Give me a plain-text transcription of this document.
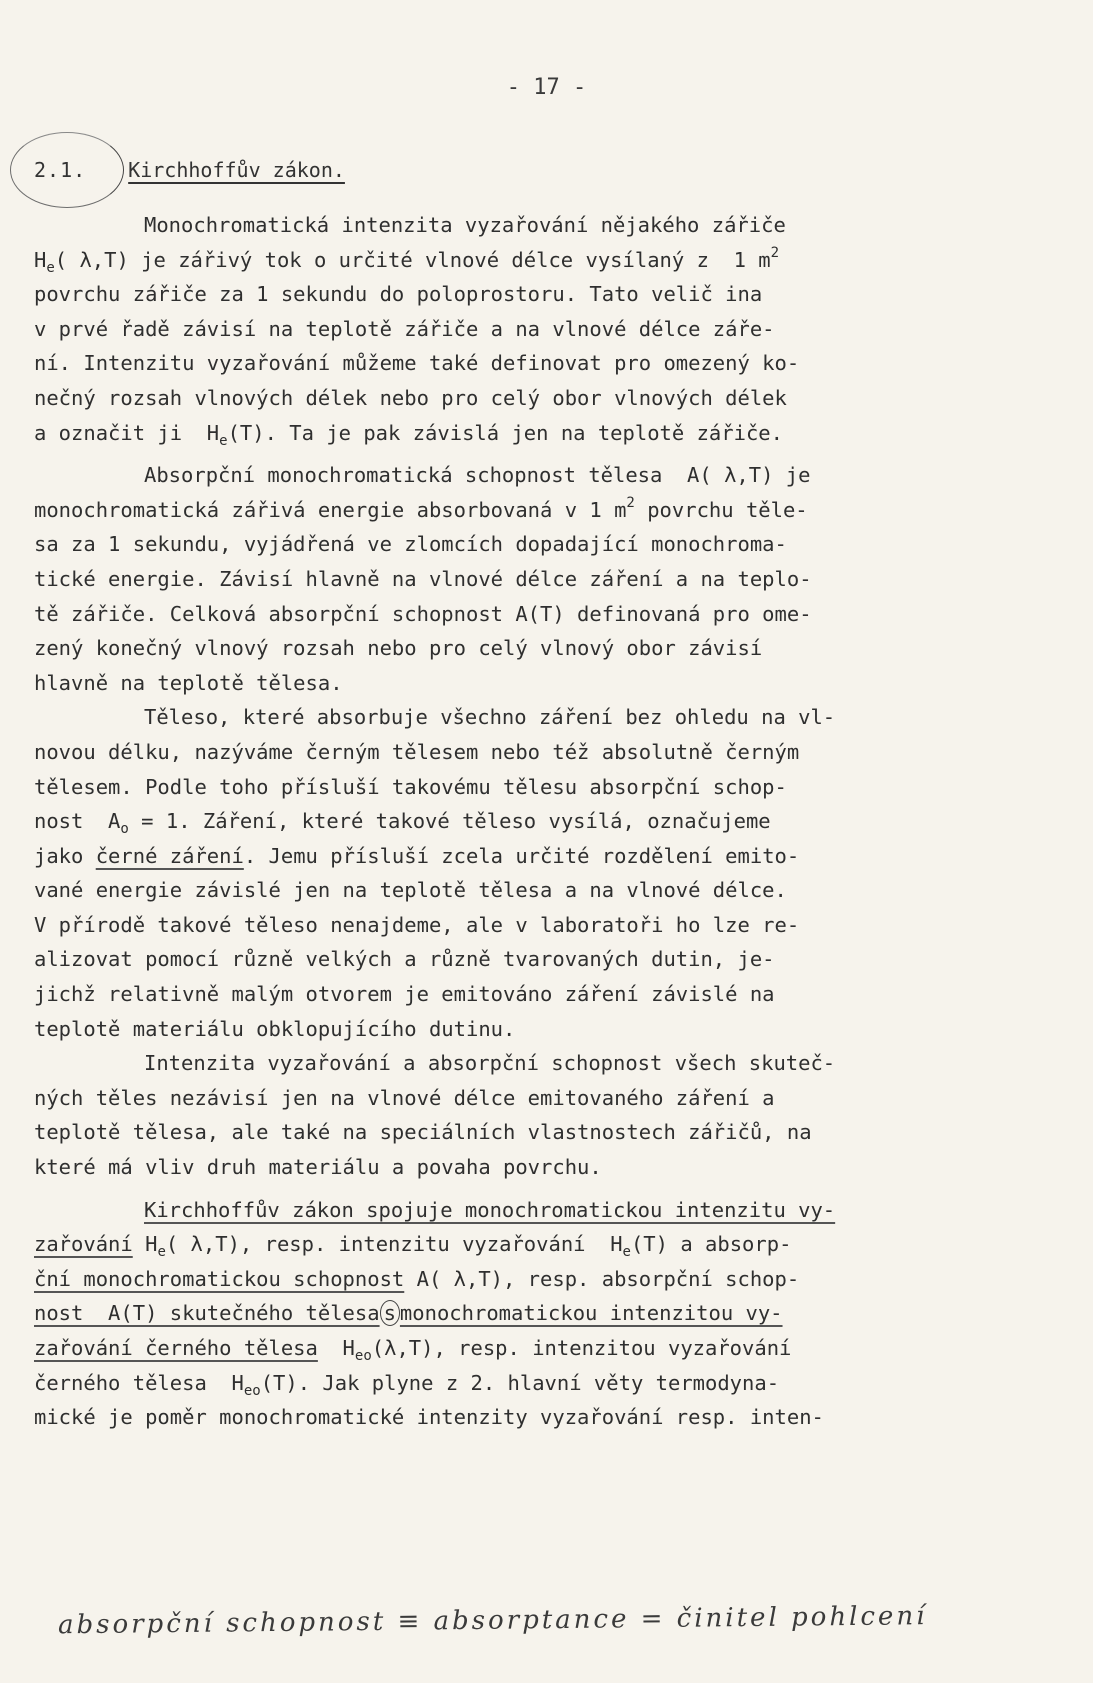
- 17 -
2.1. Kirchhoffův zákon.
Monochromatická intenzita vyzařování nějakého zářiče
$H_e$( λ,T) je zářivý tok o určité vlnové délce vysílaný z  1 $m^2$
povrchu zářiče za 1 sekundu do poloprostoru. Tato velič ina
v prvé řadě závisí na teplotě zářiče a na vlnové délce záře-
ní. Intenzitu vyzařování můžeme také definovat pro omezený ko-
nečný rozsah vlnových délek nebo pro celý obor vlnových délek
a označit ji  $H_e(T)$. Ta je pak závislá jen na teplotě zářiče.
Absorpční monochromatická schopnost tělesa  A( λ,T) je
monochromatická zářivá energie absorbovaná v 1 $m^2$ povrchu těle-
sa za 1 sekundu, vyjádřená ve zlomcích dopadající monochroma-
tické energie. Závisí hlavně na vlnové délce záření a na teplo-
tě zářiče. Celková absorpční schopnost A(T) definovaná pro ome-
zený konečný vlnový rozsah nebo pro celý vlnový obor závisí
hlavně na teplotě tělesa.
Těleso, které absorbuje všechno záření bez ohledu na vl-
novou délku, nazýváme černým tělesem nebo též absolutně černým
tělesem. Podle toho přísluší takovému tělesu absorpční schop-
nost  $A_o = 1$. Záření, které takové těleso vysílá, označujeme
jako černé záření. Jemu přísluší zcela určité rozdělení emito-
vané energie závislé jen na teplotě tělesa a na vlnové délce.
V přírodě takové těleso nenajdeme, ale v laboratoři ho lze re-
alizovat pomocí různě velkých a různě tvarovaných dutin, je-
jichž relativně malým otvorem je emitováno záření závislé na
teplotě materiálu obklopujícího dutinu.
Intenzita vyzařování a absorpční schopnost všech skuteč-
ných těles nezávisí jen na vlnové délce emitovaného záření a
teplotě tělesa, ale také na speciálních vlastnostech zářičů, na
které má vliv druh materiálu a povaha povrchu.
Kirchhoffův zákon spojuje monochromatickou intenzitu vy-
zařování $H_e$( λ,T), resp. intenzitu vyzařování  $H_e(T)$ a absorp-
ční monochromatickou schopnost A( λ,T), resp. absorpční schop-
nost  A(T) skutečného tělesa s monochromatickou intenzitou vy-
zařování černého tělesa  $H_{eo}(\lambda,T)$, resp. intenzitou vyzařování
černého tělesa  $H_{eo}(T)$. Jak plyne z 2. hlavní věty termodyna-
mické je poměr monochromatické intenzity vyzařování resp. inten-
absorpční schopnost ≡ absorptance = činitel pohlcení
